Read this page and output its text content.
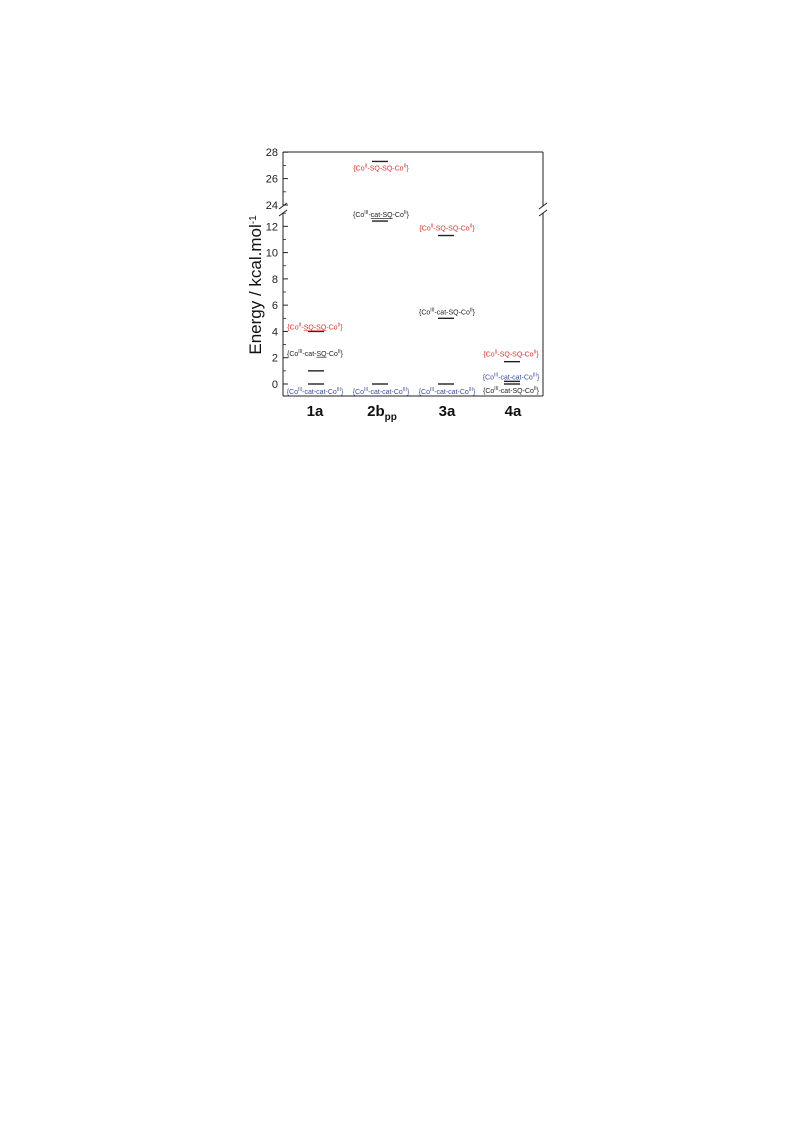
0
2
4
6
8
10
12
24
26
28
$\{Co^{II}-SQ-SQ-Co^{II}\}$
$\{Co^{III}-cat-SQ-Co^{II}\}$
$\{Co^{III}-cat-cat-Co^{III}\}$
$\{Co^{II}-SQ-SQ-Co^{II}\}$
$\{Co^{III}-cat-SQ-Co^{II}\}$
$\{Co^{III}-cat-cat-Co^{III}\}$
$\{Co^{II}-SQ-SQ-Co^{II}\}$
$\{Co^{III}-cat-SQ-Co^{II}\}$
$\{Co^{III}-cat-cat-Co^{III}\}$
$\{Co^{II}-SQ-SQ-Co^{II}\}$
$\{Co^{III}-cat-cat-Co^{III}\}$
$\{Co^{III}-cat-SQ-Co^{II}\}$
1a	$2b_{pp}$	3a	4a
Energy / kcal.mol$^{-1}$
